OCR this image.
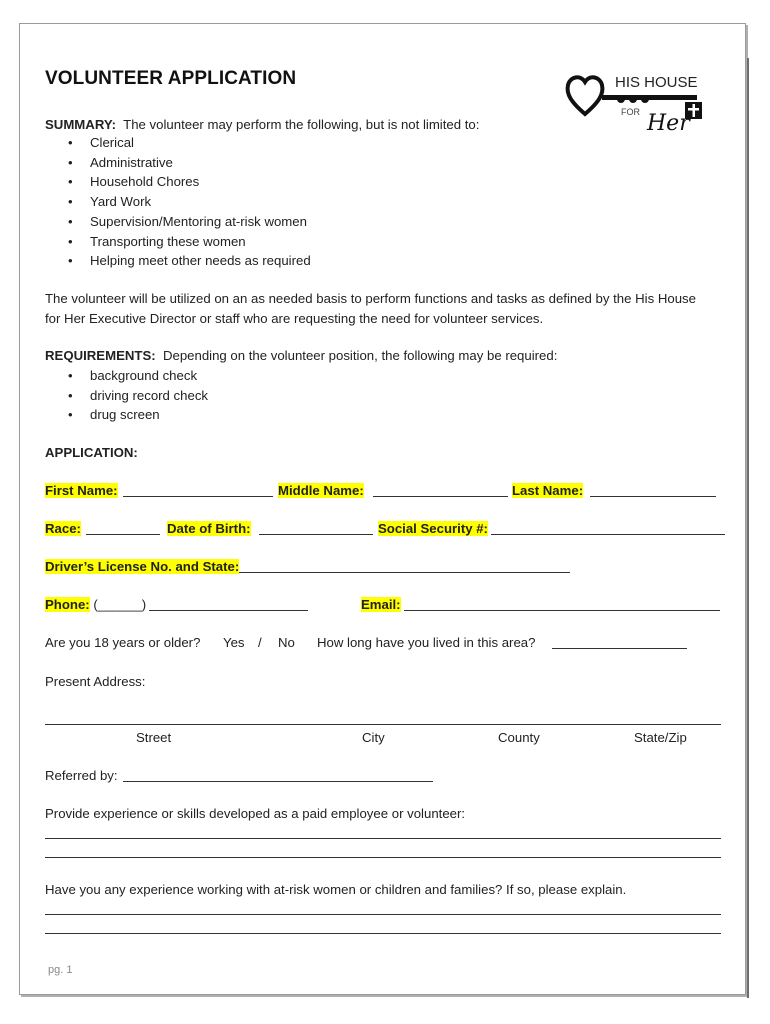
VOLUNTEER APPLICATION	HIS HOUSE
FOR Her
SUMMARY: The volunteer may perform the following, but is not limited to:
• Clerical
• Administrative
• Household Chores
• Yard Work
• Supervision/Mentoring at-risk women
• Transporting these women
• Helping meet other needs as required
The volunteer will be utilized on an as needed basis to perform functions and tasks as defined by the His House for Her Executive Director or staff who are requesting the need for volunteer services.
REQUIREMENTS: Depending on the volunteer position, the following may be required:
• background check
• driving record check
• drug screen
APPLICATION:
First Name:	Middle Name:	Last Name:
Race:	Date of Birth:	Social Security #:
Driver’s License No. and State:
Phone: (______)	Email:
Are you 18 years or older? Yes / No How long have you lived in this area?
Present Address:
Street	City	County	State/Zip
Referred by:
Provide experience or skills developed as a paid employee or volunteer:
Have you any experience working with at-risk women or children and families? If so, please explain.
pg. 1
